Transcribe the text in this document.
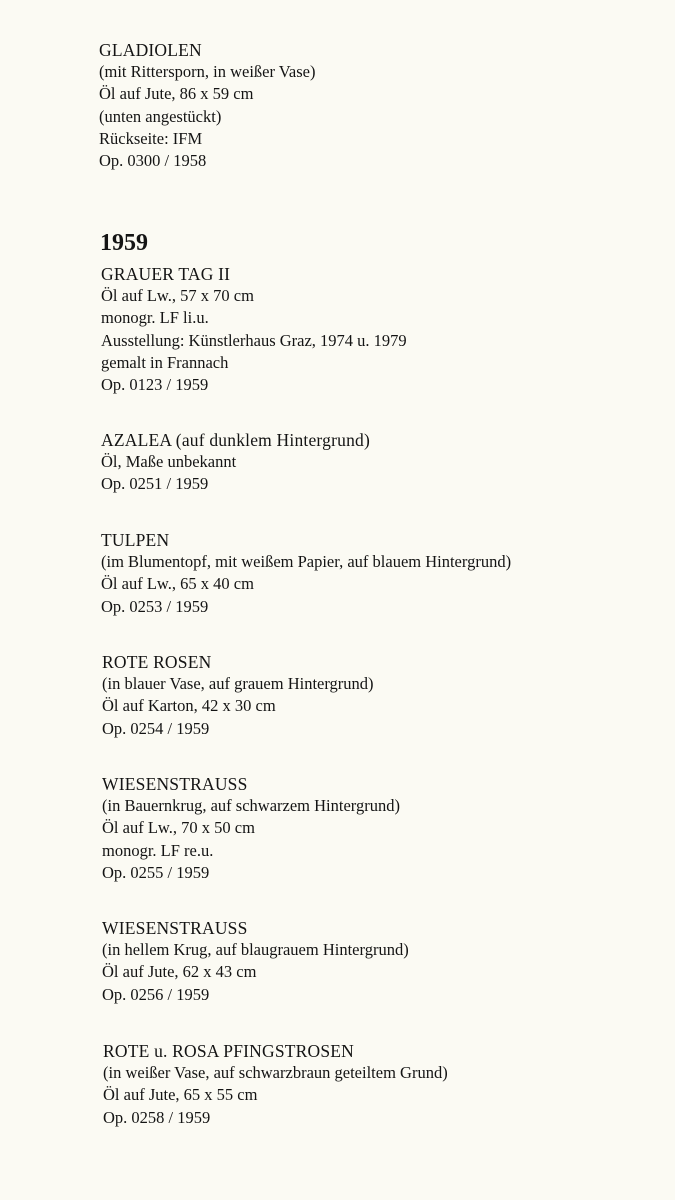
GLADIOLEN
(mit Rittersporn, in weißer Vase)
Öl auf Jute, 86 x 59 cm
(unten angestückt)
Rückseite: IFM
Op. 0300 / 1958
1959
GRAUER TAG II
Öl auf Lw., 57 x 70 cm
monogr. LF li.u.
Ausstellung: Künstlerhaus Graz, 1974 u. 1979
gemalt in Frannach
Op. 0123 / 1959
AZALEA (auf dunklem Hintergrund)
Öl, Maße unbekannt
Op. 0251 / 1959
TULPEN
(im Blumentopf, mit weißem Papier, auf blauem Hintergrund)
Öl auf Lw., 65 x 40 cm
Op. 0253 / 1959
ROTE ROSEN
(in blauer Vase, auf grauem Hintergrund)
Öl auf Karton, 42 x 30 cm
Op. 0254 / 1959
WIESENSTRAUSS
(in Bauernkrug, auf schwarzem Hintergrund)
Öl auf Lw., 70 x 50 cm
monogr. LF re.u.
Op. 0255 / 1959
WIESENSTRAUSS
(in hellem Krug, auf blaugrauem Hintergrund)
Öl auf Jute, 62 x 43 cm
Op. 0256 / 1959
ROTE u. ROSA PFINGSTROSEN
(in weißer Vase, auf schwarzbraun geteiltem Grund)
Öl auf Jute, 65 x 55 cm
Op. 0258 / 1959
